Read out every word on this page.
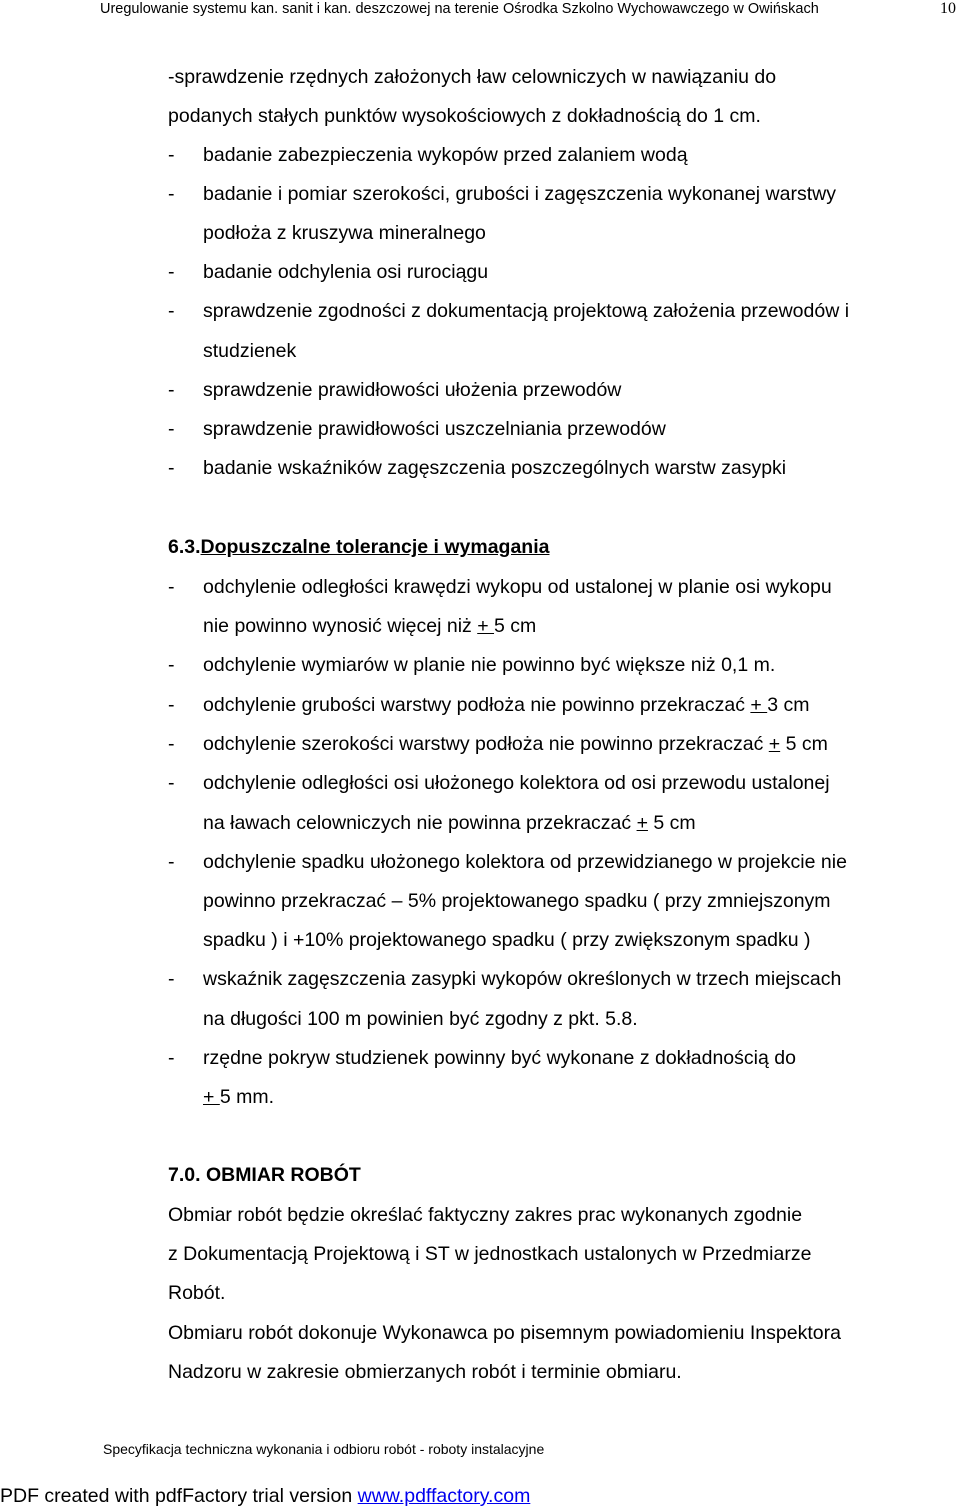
Uregulowanie systemu kan. sanit i kan. deszczowej na terenie Ośrodka Szkolno Wychowawczego w Owińskach	10
-sprawdzenie rzędnych założonych ław celowniczych w nawiązaniu do
podanych stałych punktów wysokościowych z dokładnością do 1 cm.
- badanie zabezpieczenia wykopów przed zalaniem wodą
- badanie i pomiar szerokości, grubości i zagęszczenia wykonanej warstwy
podłoża z kruszywa mineralnego
- badanie odchylenia osi rurociągu
- sprawdzenie zgodności z dokumentacją projektową założenia przewodów i
studzienek
- sprawdzenie prawidłowości ułożenia przewodów
- sprawdzenie prawidłowości uszczelniania przewodów
- badanie wskaźników zagęszczenia poszczególnych warstw zasypki
6.3.Dopuszczalne tolerancje i wymagania
- odchylenie odległości krawędzi wykopu od ustalonej w planie osi wykopu
nie powinno wynosić więcej niż + 5 cm
- odchylenie wymiarów w planie nie powinno być większe niż 0,1 m.
- odchylenie grubości warstwy podłoża nie powinno przekraczać + 3 cm
- odchylenie szerokości warstwy podłoża nie powinno przekraczać + 5 cm
- odchylenie odległości osi ułożonego kolektora od osi przewodu ustalonej
na ławach celowniczych nie powinna przekraczać + 5 cm
- odchylenie spadku ułożonego kolektora od przewidzianego w projekcie nie
powinno przekraczać – 5% projektowanego spadku ( przy zmniejszonym
spadku ) i +10% projektowanego spadku ( przy zwiększonym spadku )
- wskaźnik zagęszczenia zasypki wykopów określonych w trzech miejscach
na długości 100 m powinien być zgodny z pkt. 5.8.
- rzędne pokryw studzienek powinny być wykonane z dokładnością do
+ 5 mm.
7.0. OBMIAR ROBÓT
Obmiar robót będzie określać faktyczny zakres prac wykonanych zgodnie
z Dokumentacją Projektową i ST w jednostkach ustalonych w Przedmiarze
Robót.
Obmiaru robót dokonuje Wykonawca po pisemnym powiadomieniu Inspektora
Nadzoru w zakresie obmierzanych robót i terminie obmiaru.
Specyfikacja techniczna wykonania i odbioru robót - roboty instalacyjne
PDF created with pdfFactory trial version www.pdffactory.com
